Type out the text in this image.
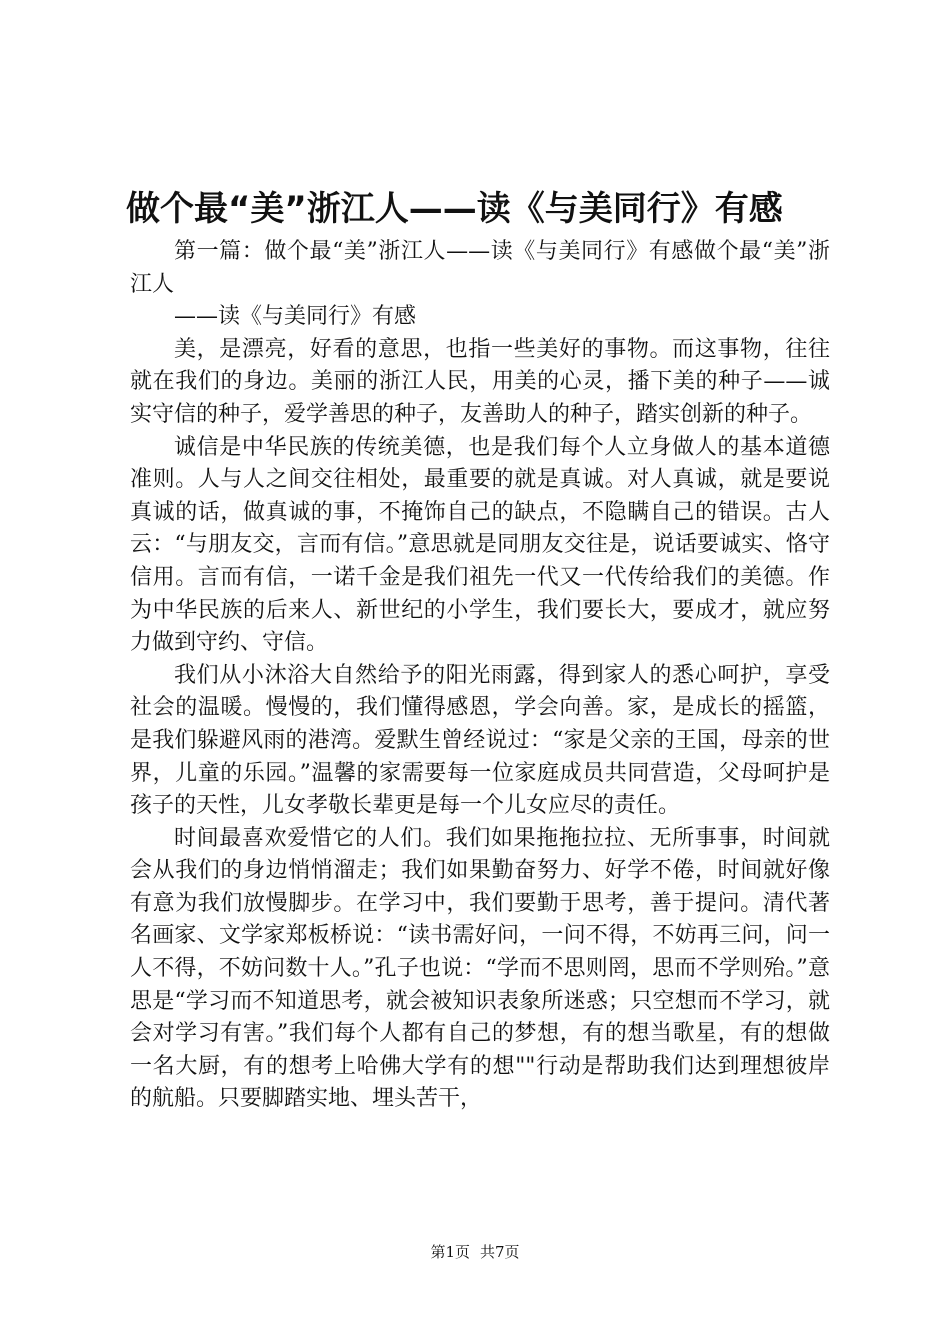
做个最“美”浙江人——读《与美同行》有感

第一篇：做个最“美”浙江人——读《与美同行》有感做个最“美”浙江人

——读《与美同行》有感

美，是漂亮，好看的意思，也指一些美好的事物。而这事物，往往就在我们的身边。美丽的浙江人民，用美的心灵，播下美的种子——诚实守信的种子，爱学善思的种子，友善助人的种子，踏实创新的种子。

诚信是中华民族的传统美德，也是我们每个人立身做人的基本道德准则。人与人之间交往相处，最重要的就是真诚。对人真诚，就是要说真诚的话，做真诚的事，不掩饰自己的缺点，不隐瞒自己的错误。古人云：“与朋友交，言而有信。”意思就是同朋友交往是，说话要诚实、恪守信用。言而有信，一诺千金是我们祖先一代又一代传给我们的美德。作为中华民族的后来人、新世纪的小学生，我们要长大，要成才，就应努力做到守约、守信。

我们从小沐浴大自然给予的阳光雨露，得到家人的悉心呵护，享受社会的温暖。慢慢的，我们懂得感恩，学会向善。家，是成长的摇篮，是我们躲避风雨的港湾。爱默生曾经说过：“家是父亲的王国，母亲的世界，儿童的乐园。”温馨的家需要每一位家庭成员共同营造，父母呵护是孩子的天性，儿女孝敬长辈更是每一个儿女应尽的责任。

时间最喜欢爱惜它的人们。我们如果拖拖拉拉、无所事事，时间就会从我们的身边悄悄溜走；我们如果勤奋努力、好学不倦，时间就好像有意为我们放慢脚步。在学习中，我们要勤于思考，善于提问。清代著名画家、文学家郑板桥说：“读书需好问，一问不得，不妨再三问，问一人不得，不妨问数十人。”孔子也说：“学而不思则罔，思而不学则殆。”意思是“学习而不知道思考，就会被知识表象所迷惑；只空想而不学习，就会对学习有害。”我们每个人都有自己的梦想，有的想当歌星，有的想做一名大厨，有的想考上哈佛大学有的想""行动是帮助我们达到理想彼岸的航船。只要脚踏实地、埋头苦干，

第1页 共7页
